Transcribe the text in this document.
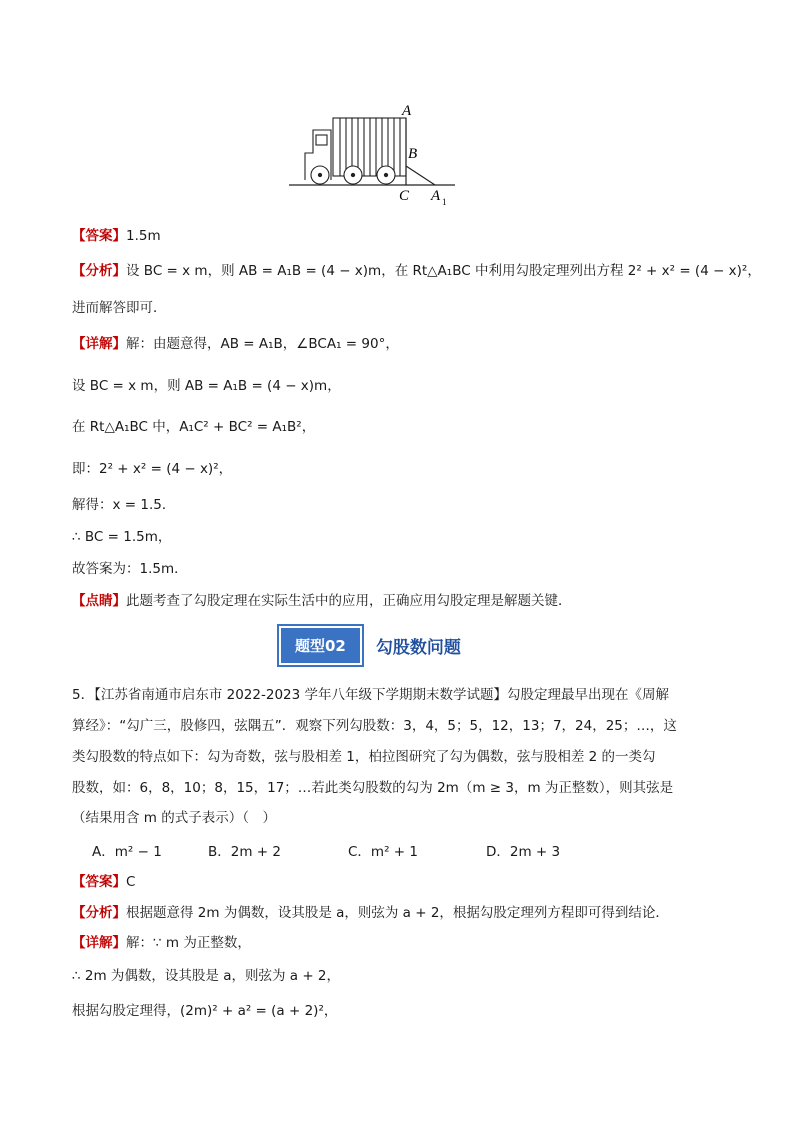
A
B
C A 1
【答案】1.5m
【分析】设 BC = x m，则 AB = A₁B = (4 − x)m，在 Rt△A₁BC 中利用勾股定理列出方程 2² + x² = (4 − x)²，
进而解答即可．
【详解】解：由题意得，AB = A₁B，∠BCA₁ = 90°，
设 BC = x m，则 AB = A₁B = (4 − x)m，
在 Rt△A₁BC 中，A₁C² + BC² = A₁B²，
即：2² + x² = (4 − x)²，
解得：x = 1.5．
∴ BC = 1.5m，
故答案为：1.5m．
【点睛】此题考查了勾股定理在实际生活中的应用，正确应用勾股定理是解题关键．
题型02	勾股数问题
5．【江苏省南通市启东市 2022-2023 学年八年级下学期期末数学试题】勾股定理最早出现在《周解
算经》：“勾广三，股修四，弦隅五”．观察下列勾股数：3，4，5；5，12，13；7，24，25；…，这
类勾股数的特点如下：勾为奇数，弦与股相差 1，柏拉图研究了勾为偶数，弦与股相差 2 的一类勾
股数，如：6，8，10；8，15，17；…若此类勾股数的勾为 2m（m ≥ 3，m 为正整数），则其弦是
（结果用含 m 的式子表示）（　）
A．m² − 1	B．2m + 2	C．m² + 1	D．2m + 3
【答案】C
【分析】根据题意得 2m 为偶数，设其股是 a，则弦为 a + 2，根据勾股定理列方程即可得到结论．
【详解】解：∵ m 为正整数，
∴ 2m 为偶数，设其股是 a，则弦为 a + 2，
根据勾股定理得，(2m)² + a² = (a + 2)²，
